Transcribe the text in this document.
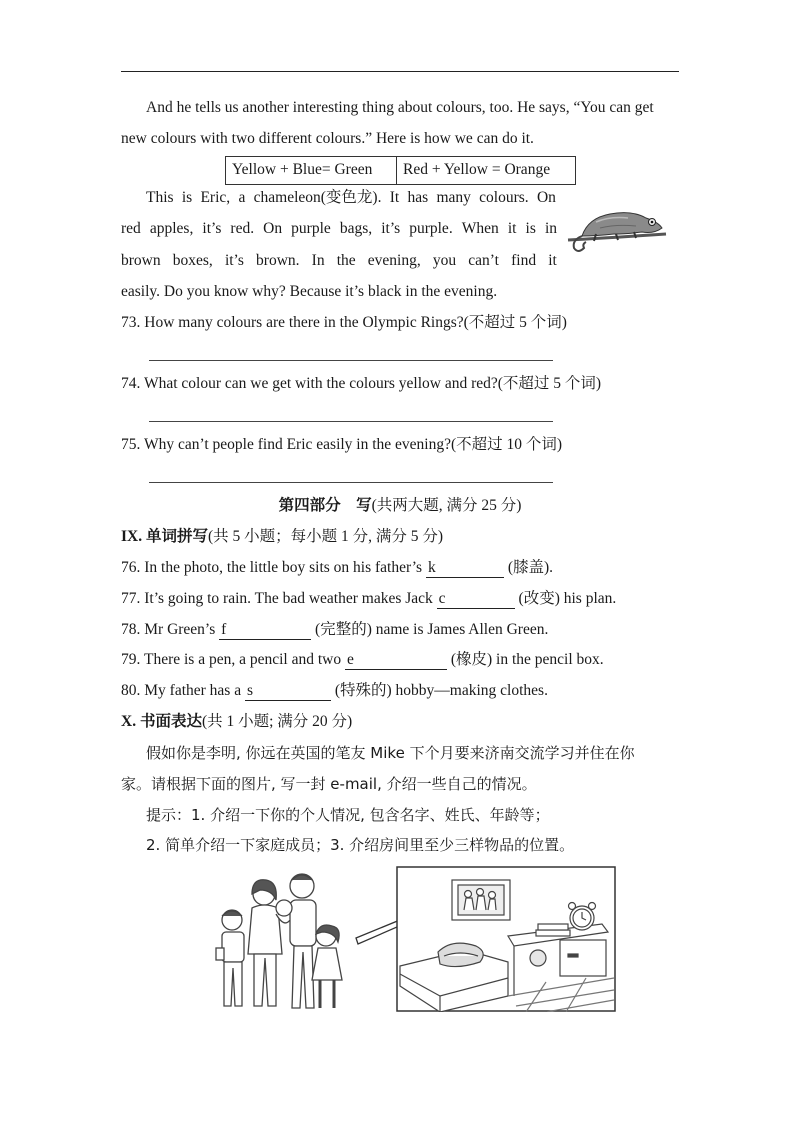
And he tells us another interesting thing about colours, too. He says, “You can get
new colours with two different colours.” Here is how we can do it.
Yellow + Blue= Green	Red + Yellow = Orange
This is Eric, a chameleon(变色龙). It has many colours. On
red apples, it’s red. On purple bags, it’s purple. When it is in
brown boxes, it’s brown. In the evening, you can’t find it
easily. Do you know why? Because it’s black in the evening.
73. How many colours are there in the Olympic Rings?(不超过 5 个词)
74. What colour can we get with the colours yellow and red?(不超过 5 个词)
75. Why can’t people find Eric easily in the evening?(不超过 10 个词)
第四部分 写(共两大题, 满分 25 分)
IX. 单词拼写(共 5 小题；每小题 1 分, 满分 5 分)
76. In the photo, the little boy sits on his father’s k	(膝盖).
77. It’s going to rain. The bad weather makes Jack c	(改变) his plan.
78. Mr Green’s f	(完整的) name is James Allen Green.
79. There is a pen, a pencil and two e	(橡皮) in the pencil box.
80. My father has a s	(特殊的) hobby—making clothes.
X. 书面表达(共 1 小题; 满分 20 分)
假如你是李明, 你远在英国的笔友 Mike 下个月要来济南交流学习并住在你
家。请根据下面的图片, 写一封 e-mail, 介绍一些自己的情况。
提示：1. 介绍一下你的个人情况, 包含名字、姓氏、年龄等；
2. 简单介绍一下家庭成员；3. 介绍房间里至少三样物品的位置。
